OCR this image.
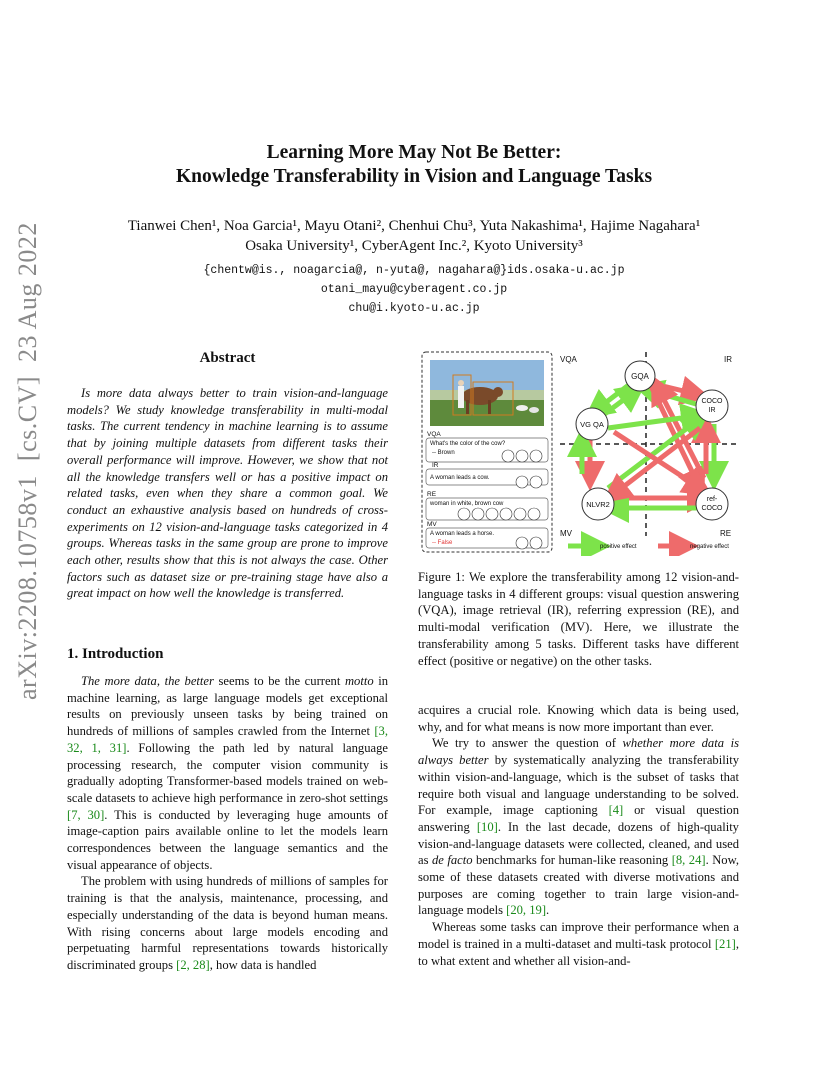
arXiv:2208.10758v1
[cs.CV]
23 Aug 2022
Learning More May Not Be Better:
Knowledge Transferability in Vision and Language Tasks
Tianwei Chen¹, Noa Garcia¹, Mayu Otani², Chenhui Chu³, Yuta Nakashima¹, Hajime Nagahara¹
Osaka University¹, CyberAgent Inc.², Kyoto University³
{chentw@is., noagarcia@, n-yuta@, nagahara@}ids.osaka-u.ac.jp
otani_mayu@cyberagent.co.jp
chu@i.kyoto-u.ac.jp
Abstract

Is more data always better to train vision-and-language models? We study knowledge transferability in multi-modal tasks. The current tendency in machine learning is to assume that by joining multiple datasets from different tasks their overall performance will improve. However, we show that not all the knowledge transfers well or has a positive impact on related tasks, even when they share a common goal. We conduct an exhaustive analysis based on hundreds of cross-experiments on 12 vision-and-language tasks categorized in 4 groups. Whereas tasks in the same group are prone to improve each other, results show that this is not always the case. Other factors such as dataset size or pre-training stage have also a great impact on how well the knowledge is transferred.

1. Introduction

The more data, the better seems to be the current motto in machine learning, as large language models get exceptional results on previously unseen tasks by being trained on hundreds of millions of samples crawled from the Internet [3, 32, 1, 31]. Following the path led by natural language processing research, the computer vision community is gradually adopting Transformer-based models trained on web-scale datasets to achieve high performance in zero-shot settings [7, 30]. This is conducted by leveraging huge amounts of image-caption pairs available online to let the models learn correspondences between the language semantics and the visual appearance of objects.

The problem with using hundreds of millions of samples for training is that the analysis, maintenance, processing, and especially understanding of the data is beyond human means. With rising concerns about large models encoding and perpetuating harmful representations towards historically discriminated groups [2, 28], how data is handled

VQA
What's the color of the cow?
-- Brown
IR
A woman leads a cow.
RE
woman in white, brown cow
MV
A woman leads a horse.
-- False
VQA	IR
MV	RE
GQA
COCO
IR
VG QA
NLVR2
ref-
COCO
positive effect	negative effect

Figure 1: We explore the transferability among 12 vision-and-language tasks in 4 different groups: visual question answering (VQA), image retrieval (IR), referring expression (RE), and multi-modal verification (MV). Here, we illustrate the transferability among 5 tasks. Different tasks have different effect (positive or negative) on the other tasks.

acquires a crucial role. Knowing which data is being used, why, and for what means is now more important than ever.

We try to answer the question of whether more data is always better by systematically analyzing the transferability within vision-and-language, which is the subset of tasks that require both visual and language understanding to be solved. For example, image captioning [4] or visual question answering [10]. In the last decade, dozens of high-quality vision-and-language datasets were collected, cleaned, and used as de facto benchmarks for human-like reasoning [8, 24]. Now, some of these datasets created with diverse motivations and purposes are coming together to train large vision-and-language models [20, 19].

Whereas some tasks can improve their performance when a model is trained in a multi-dataset and multi-task protocol [21], to what extent and whether all vision-and-
